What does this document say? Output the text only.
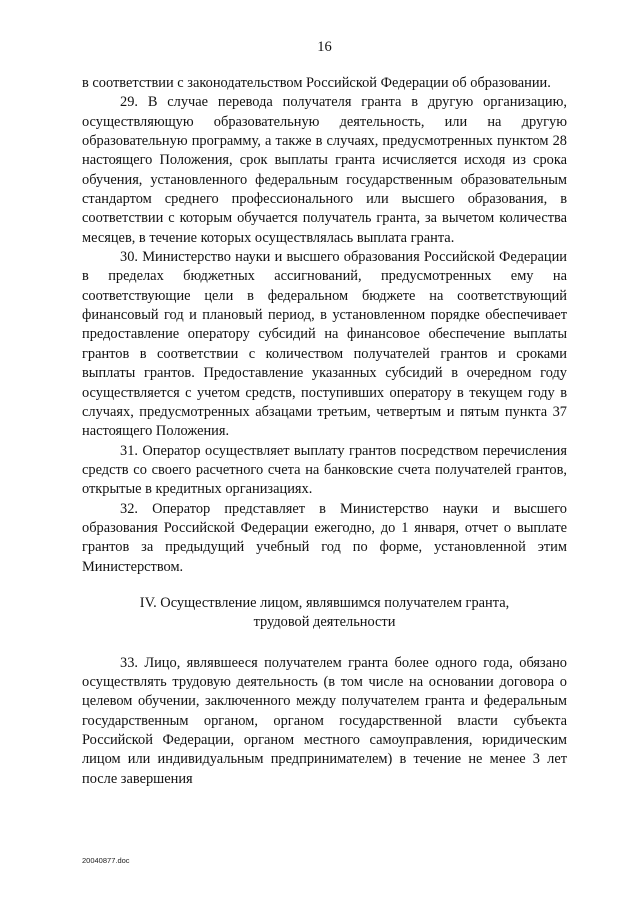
16

в соответствии с законодательством Российской Федерации об образовании.

29. В случае перевода получателя гранта в другую организацию, осуществляющую образовательную деятельность, или на другую образовательную программу, а также в случаях, предусмотренных пунктом 28 настоящего Положения, срок выплаты гранта исчисляется исходя из срока обучения, установленного федеральным государственным образовательным стандартом среднего профессионального или высшего образования, в соответствии с которым обучается получатель гранта, за вычетом количества месяцев, в течение которых осуществлялась выплата гранта.

30. Министерство науки и высшего образования Российской Федерации в пределах бюджетных ассигнований, предусмотренных ему на соответствующие цели в федеральном бюджете на соответствующий финансовый год и плановый период, в установленном порядке обеспечивает предоставление оператору субсидий на финансовое обеспечение выплаты грантов в соответствии с количеством получателей грантов и сроками выплаты грантов. Предоставление указанных субсидий в очередном году осуществляется с учетом средств, поступивших оператору в текущем году в случаях, предусмотренных абзацами третьим, четвертым и пятым пункта 37 настоящего Положения.

31. Оператор осуществляет выплату грантов посредством перечисления средств со своего расчетного счета на банковские счета получателей грантов, открытые в кредитных организациях.

32. Оператор представляет в Министерство науки и высшего образования Российской Федерации ежегодно, до 1 января, отчет о выплате грантов за предыдущий учебный год по форме, установленной этим Министерством.

IV. Осуществление лицом, являвшимся получателем гранта,
трудовой деятельности

33. Лицо, являвшееся получателем гранта более одного года, обязано осуществлять трудовую деятельность (в том числе на основании договора о целевом обучении, заключенного между получателем гранта и федеральным государственным органом, органом государственной власти субъекта Российской Федерации, органом местного самоуправления, юридическим лицом или индивидуальным предпринимателем) в течение не менее 3 лет после завершения

20040877.doc
